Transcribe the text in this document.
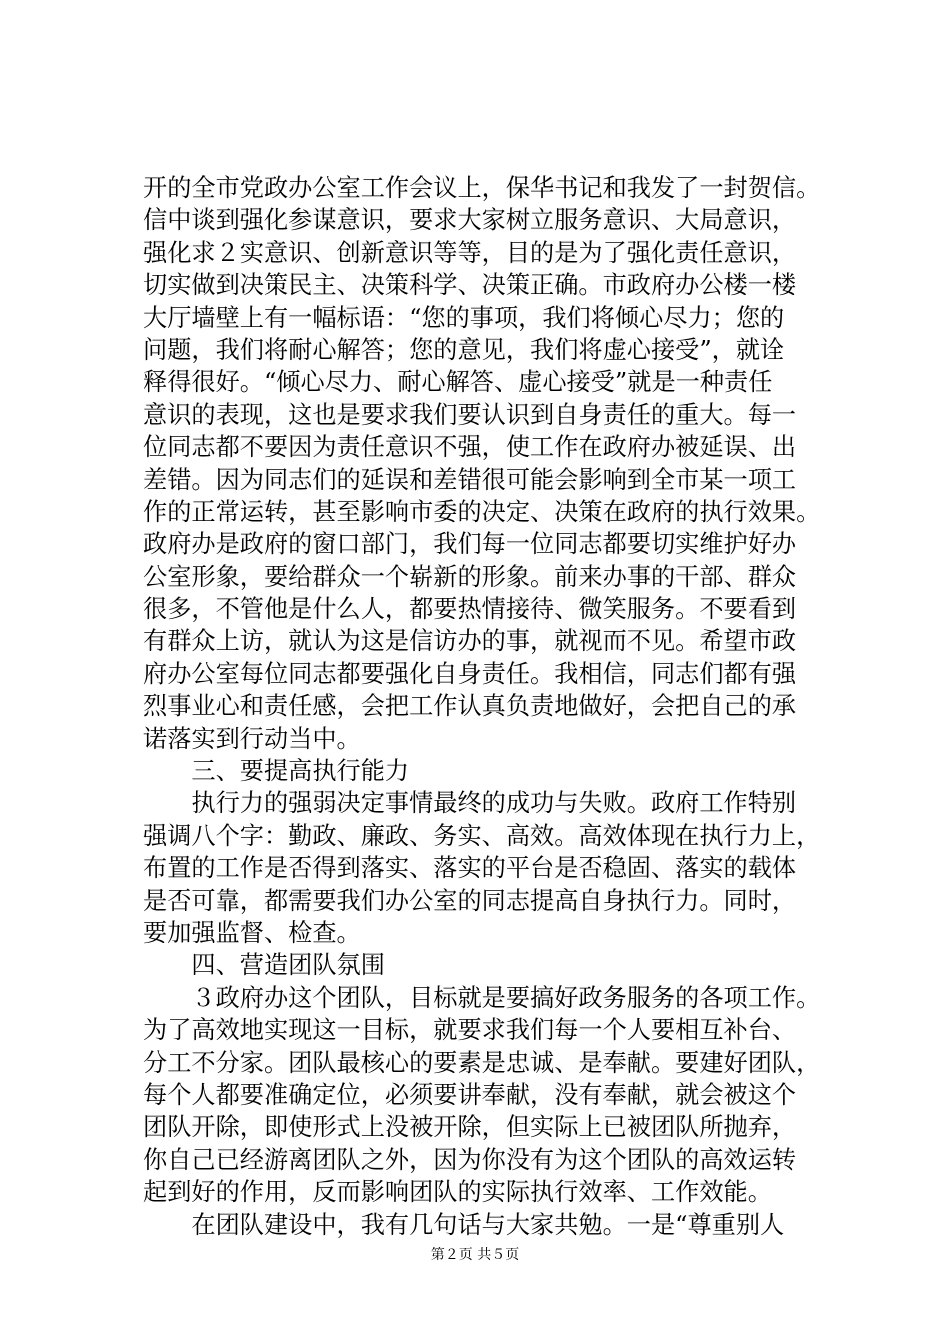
开的全市党政办公室工作会议上，保华书记和我发了一封贺信。
信中谈到强化参谋意识，要求大家树立服务意识、大局意识，
强化求２实意识、创新意识等等，目的是为了强化责任意识，
切实做到决策民主、决策科学、决策正确。市政府办公楼一楼
大厅墙壁上有一幅标语：“您的事项，我们将倾心尽力；您的
问题，我们将耐心解答；您的意见，我们将虚心接受”，就诠
释得很好。“倾心尽力、耐心解答、虚心接受”就是一种责任
意识的表现，这也是要求我们要认识到自身责任的重大。每一
位同志都不要因为责任意识不强，使工作在政府办被延误、出
差错。因为同志们的延误和差错很可能会影响到全市某一项工
作的正常运转，甚至影响市委的决定、决策在政府的执行效果。
政府办是政府的窗口部门，我们每一位同志都要切实维护好办
公室形象，要给群众一个崭新的形象。前来办事的干部、群众
很多，不管他是什么人，都要热情接待、微笑服务。不要看到
有群众上访，就认为这是信访办的事，就视而不见。希望市政
府办公室每位同志都要强化自身责任。我相信，同志们都有强
烈事业心和责任感，会把工作认真负责地做好，会把自己的承
诺落实到行动当中。
　　三、要提高执行能力
　　执行力的强弱决定事情最终的成功与失败。政府工作特别
强调八个字：勤政、廉政、务实、高效。高效体现在执行力上，
布置的工作是否得到落实、落实的平台是否稳固、落实的载体
是否可靠，都需要我们办公室的同志提高自身执行力。同时，
要加强监督、检查。
　　四、营造团队氛围
　　３政府办这个团队，目标就是要搞好政务服务的各项工作。
为了高效地实现这一目标，就要求我们每一个人要相互补台、
分工不分家。团队最核心的要素是忠诚、是奉献。要建好团队，
每个人都要准确定位，必须要讲奉献，没有奉献，就会被这个
团队开除，即使形式上没被开除，但实际上已被团队所抛弃，
你自己已经游离团队之外，因为你没有为这个团队的高效运转
起到好的作用，反而影响团队的实际执行效率、工作效能。
　　在团队建设中，我有几句话与大家共勉。一是“尊重别人
第２页 共５页
